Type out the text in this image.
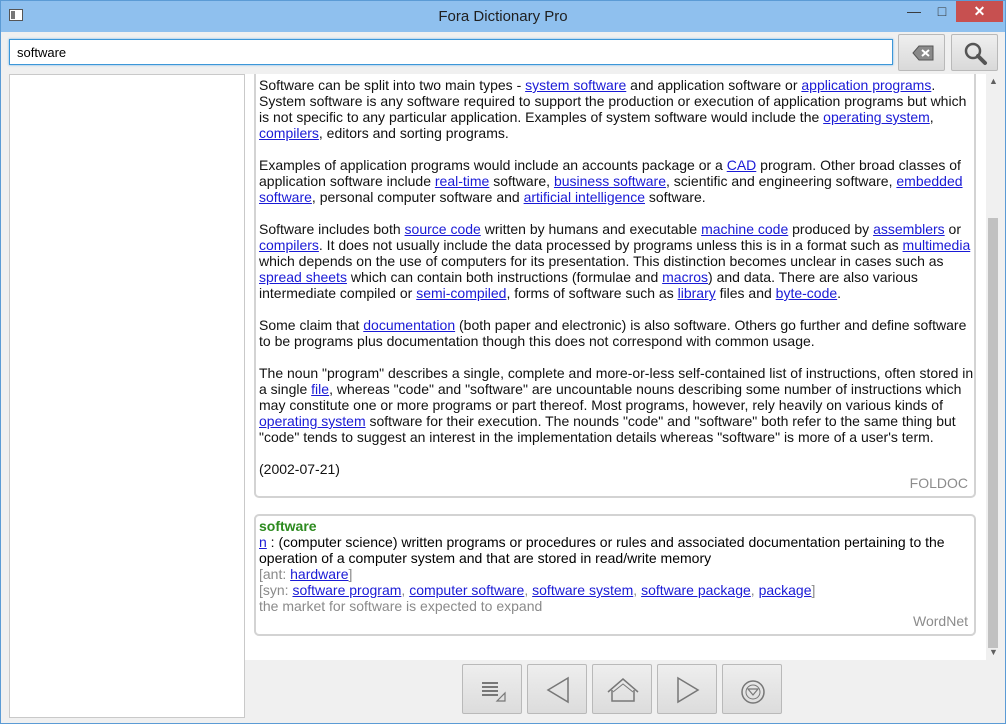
Fora Dictionary Pro	—	□	✕
software

Software can be split into two main types - system software and application software or application programs. System software is any software required to support the production or execution of application programs but which is not specific to any particular application. Examples of system software would include the operating system, compilers, editors and sorting programs.

Examples of application programs would include an accounts package or a CAD program. Other broad classes of application software include real-time software, business software, scientific and engineering software, embedded software, personal computer software and artificial intelligence software.

Software includes both source code written by humans and executable machine code produced by assemblers or compilers. It does not usually include the data processed by programs unless this is in a format such as multimedia which depends on the use of computers for its presentation. This distinction becomes unclear in cases such as spread sheets which can contain both instructions (formulae and macros) and data. There are also various intermediate compiled or semi-compiled, forms of software such as library files and byte-code.

Some claim that documentation (both paper and electronic) is also software. Others go further and define software to be programs plus documentation though this does not correspond with common usage.

The noun "program" describes a single, complete and more-or-less self-contained list of instructions, often stored in a single file, whereas "code" and "software" are uncountable nouns describing some number of instructions which may constitute one or more programs or part thereof. Most programs, however, rely heavily on various kinds of operating system software for their execution. The nounds "code" and "software" both refer to the same thing but "code" tends to suggest an interest in the implementation details whereas "software" is more of a user's term.

(2002-07-21)

FOLDOC
software
n : (computer science) written programs or procedures or rules and associated documentation pertaining to the operation of a computer system and that are stored in read/write memory
[ant: hardware]
[syn: software program, computer software, software system, software package, package]
the market for software is expected to expand
WordNet
▲
▼
